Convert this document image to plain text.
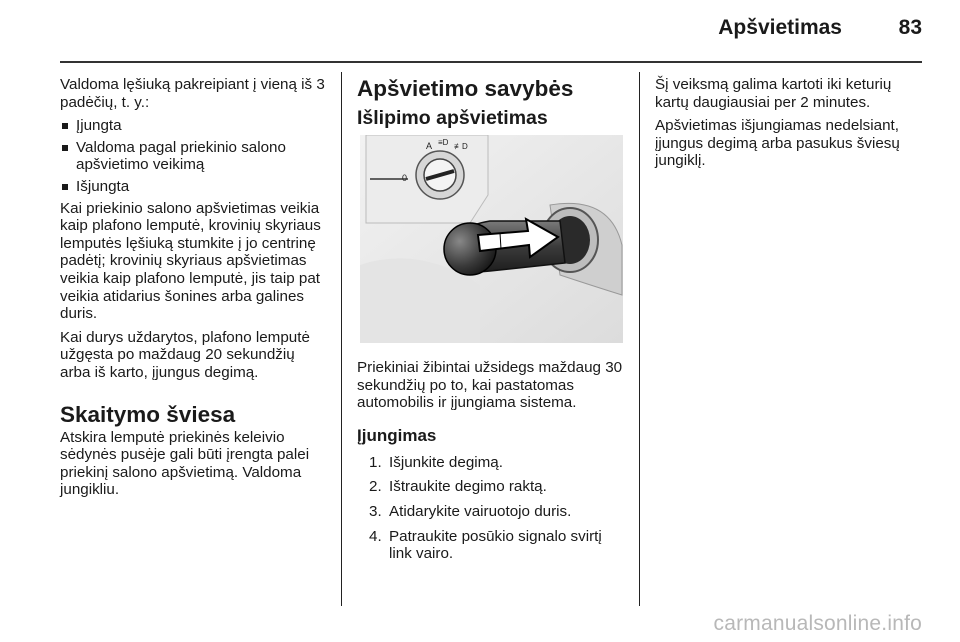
Apšvietimas	83

Valdoma lęšiuką pakreipiant į vieną iš 3 padėčių, t. y.:

Įjungta
Valdoma pagal priekinio salono apšvietimo veikimą
Išjungta

Kai priekinio salono apšvietimas veikia kaip plafono lemputė, krovinių skyriaus lemputės lęšiuką stumkite į jo centrinę padėtį; krovinių skyriaus apšvietimas veikia kaip plafono lemputė, jis taip pat veikia atidarius šonines arba galines duris.

Kai durys uždarytos, plafono lemputė užgęsta po maždaug 20 sekundžių arba iš karto, įjungus degimą.

Skaitymo šviesa

Atskira lemputė priekinės keleivio sėdynės pusėje gali būti įrengta palei priekinį salono apšvietimą. Valdoma jungikliu.

Apšvietimo savybės
Išlipimo apšvietimas
0
A ≡D ≢D

Priekiniai žibintai užsidegs maždaug 30 sekundžių po to, kai pastatomas automobilis ir įjungiama sistema.

Įjungimas
1. Išjunkite degimą.
2. Ištraukite degimo raktą.
3. Atidarykite vairuotojo duris.
4. Patraukite posūkio signalo svirtį link vairo.

Šį veiksmą galima kartoti iki keturių kartų daugiausiai per 2 minutes.

Apšvietimas išjungiamas nedelsiant, įjungus degimą arba pasukus šviesų jungiklį.

carmanualsonline.info
